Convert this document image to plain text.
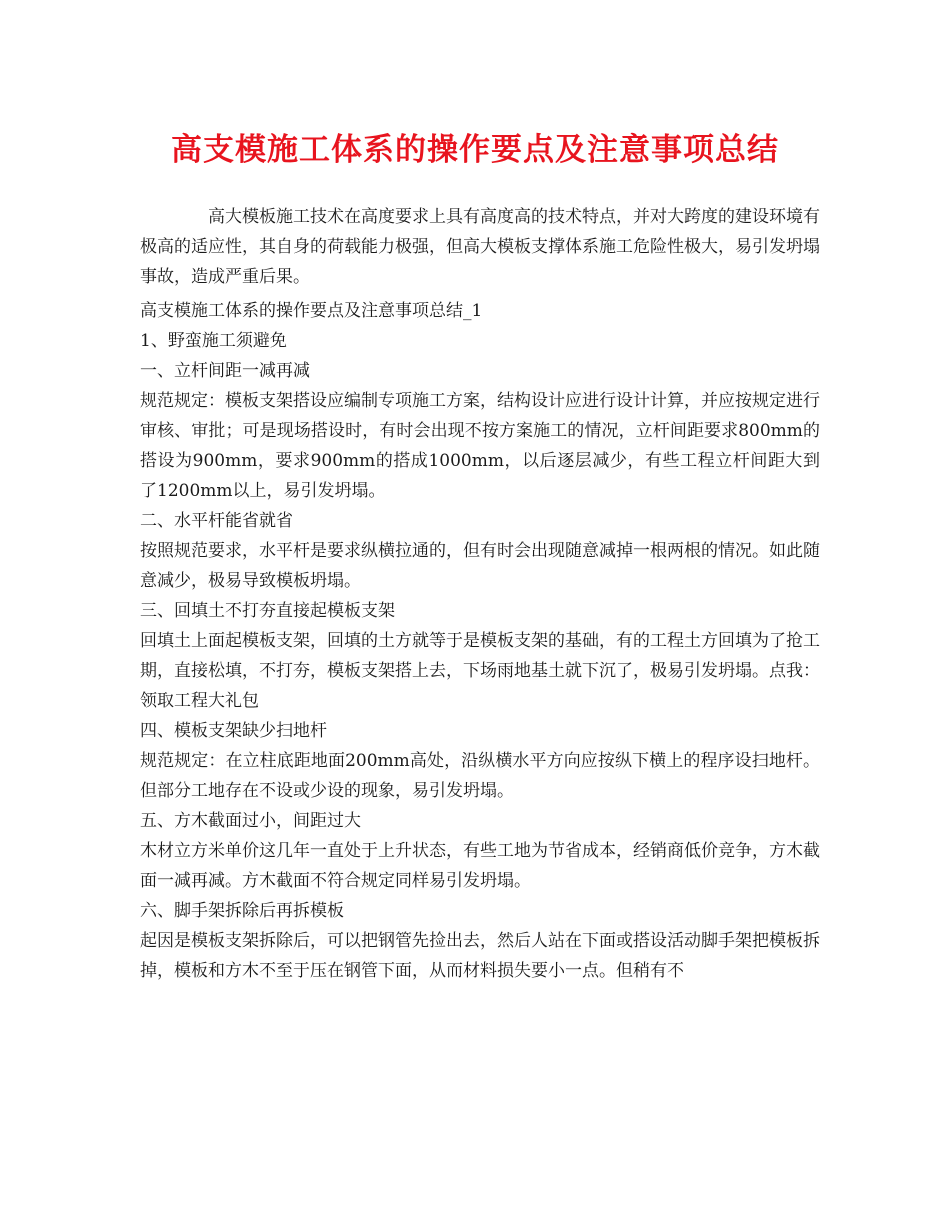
高支模施工体系的操作要点及注意事项总结

高大模板施工技术在高度要求上具有高度高的技术特点，并对大跨度的建设环境有极高的适应性，其自身的荷载能力极强，但高大模板支撑体系施工危险性极大，易引发坍塌事故，造成严重后果。

高支模施工体系的操作要点及注意事项总结_1

1、野蛮施工须避免

一、立杆间距一减再减

规范规定：模板支架搭设应编制专项施工方案，结构设计应进行设计计算，并应按规定进行审核、审批；可是现场搭设时，有时会出现不按方案施工的情况，立杆间距要求800mm的搭设为900mm，要求900mm的搭成1000mm，以后逐层减少，有些工程立杆间距大到了1200mm以上，易引发坍塌。

二、水平杆能省就省

按照规范要求，水平杆是要求纵横拉通的，但有时会出现随意减掉一根两根的情况。如此随意减少，极易导致模板坍塌。

三、回填土不打夯直接起模板支架

回填土上面起模板支架，回填的土方就等于是模板支架的基础，有的工程土方回填为了抢工期，直接松填，不打夯，模板支架搭上去，下场雨地基土就下沉了，极易引发坍塌。点我：领取工程大礼包

四、模板支架缺少扫地杆

规范规定：在立柱底距地面200mm高处，沿纵横水平方向应按纵下横上的程序设扫地杆。但部分工地存在不设或少设的现象，易引发坍塌。

五、方木截面过小，间距过大

木材立方米单价这几年一直处于上升状态，有些工地为节省成本，经销商低价竞争，方木截面一减再减。方木截面不符合规定同样易引发坍塌。

六、脚手架拆除后再拆模板

起因是模板支架拆除后，可以把钢管先捡出去，然后人站在下面或搭设活动脚手架把模板拆掉，模板和方木不至于压在钢管下面，从而材料损失要小一点。但稍有不
